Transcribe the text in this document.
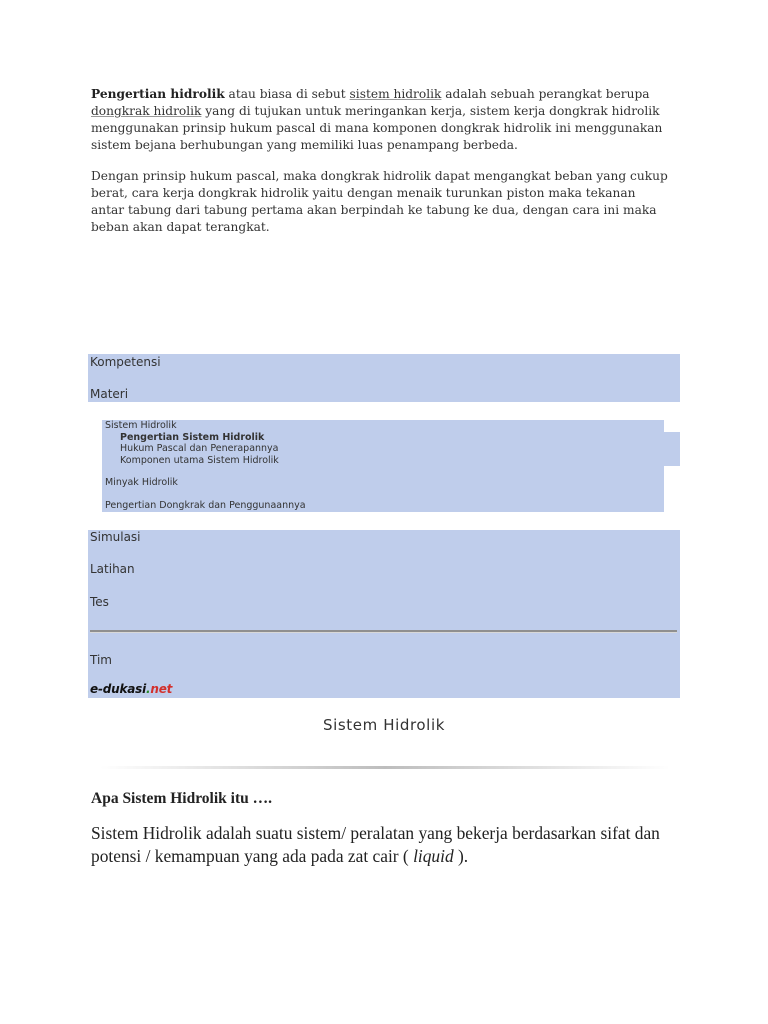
Pengertian hidrolik atau biasa di sebut sistem hidrolik adalah sebuah perangkat berupa dongkrak hidrolik yang di tujukan untuk meringankan kerja, sistem kerja dongkrak hidrolik menggunakan prinsip hukum pascal di mana komponen dongkrak hidrolik ini menggunakan sistem bejana berhubungan yang memiliki luas penampang berbeda.

Dengan prinsip hukum pascal, maka dongkrak hidrolik dapat mengangkat beban yang cukup berat, cara kerja dongkrak hidrolik yaitu dengan menaik turunkan piston maka tekanan antar tabung dari tabung pertama akan berpindah ke tabung ke dua, dengan cara ini maka beban akan dapat terangkat.

Kompetensi
Materi
Sistem Hidrolik
Pengertian Sistem Hidrolik
Hukum Pascal dan Penerapannya
Komponen utama Sistem Hidrolik
Minyak Hidrolik
Pengertian Dongkrak dan Penggunaannya
Simulasi
Latihan
Tes
Tim
e-dukasi.net
Sistem Hidrolik
Apa Sistem Hidrolik itu ….
Sistem Hidrolik adalah suatu sistem/ peralatan yang bekerja berdasarkan sifat dan potensi / kemampuan yang ada pada zat cair ( liquid ).
